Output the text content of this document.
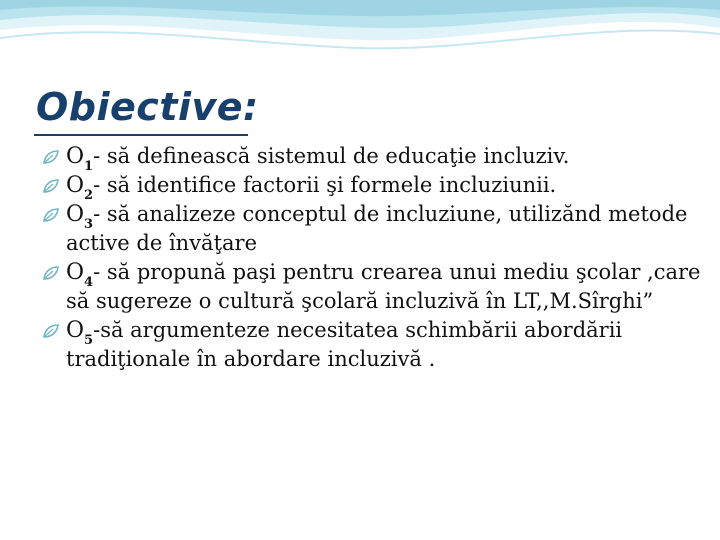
Obiective:
$O_1-$ să definească sistemul de educaţie incluziv.
$O_2-$ să identifice factorii şi formele incluziunii.
$O_3-$ să analizeze conceptul de incluziune, utilizănd metode active de învăţare
$O_4-$ să propună paşi pentru crearea unui mediu şcolar ,care să sugereze o cultură şcolară incluzivă în LT,,M.Sîrghi”
$O_5-să$ argumenteze necesitatea schimbării abordării tradiţionale în abordare incluzivă .
